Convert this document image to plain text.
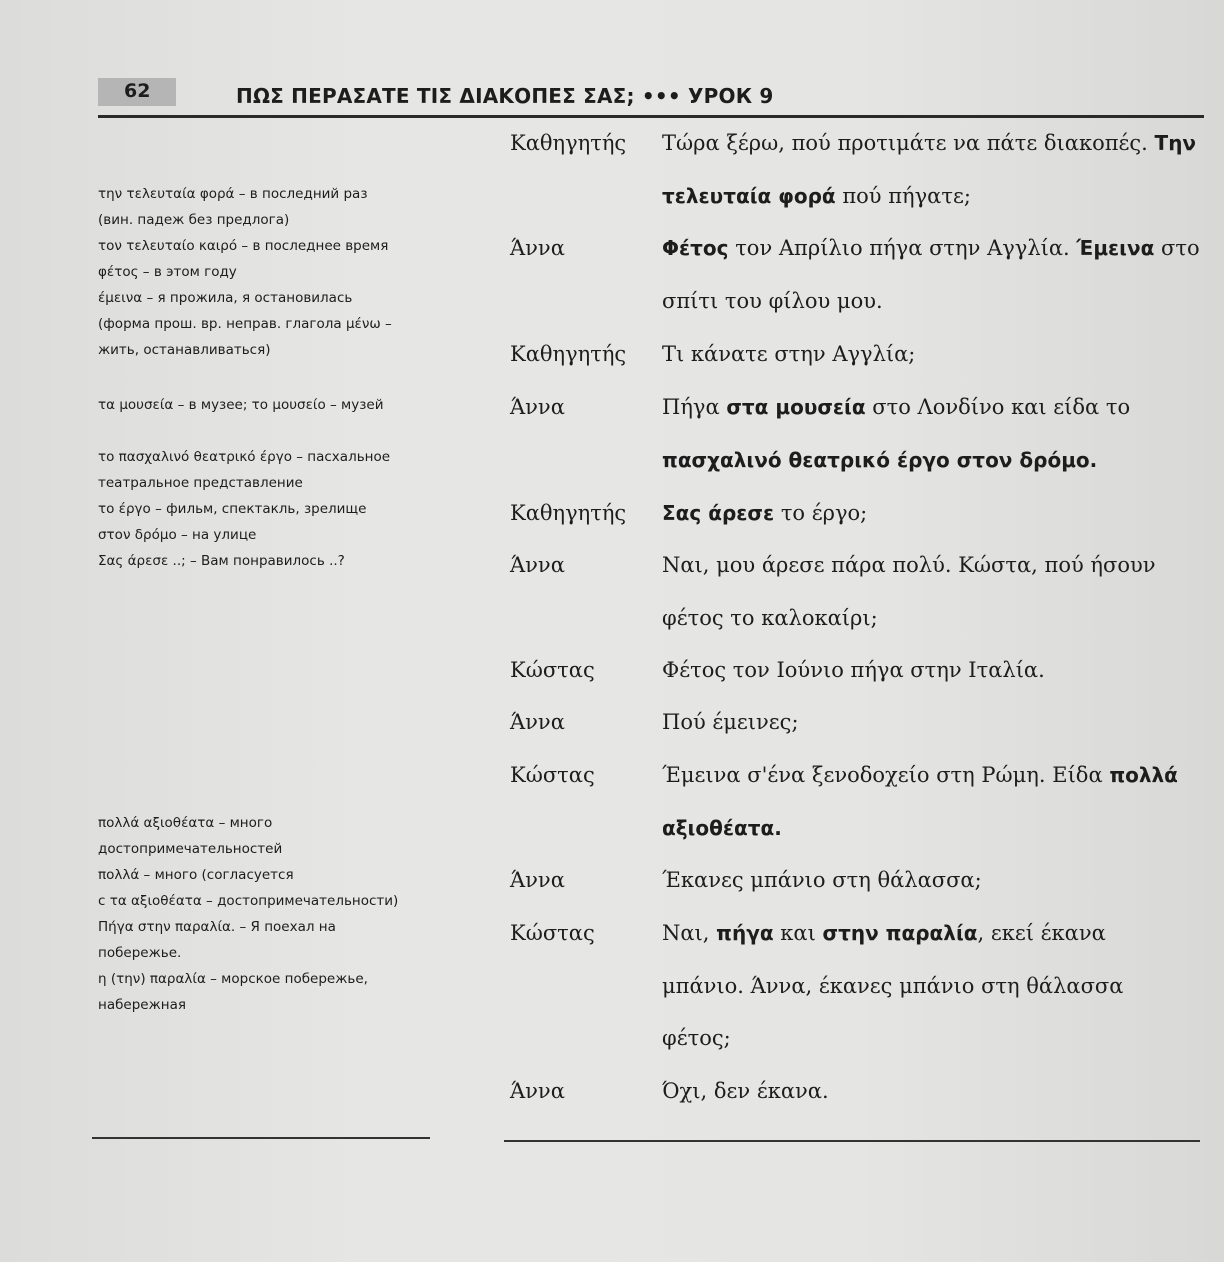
62	ΠΩΣ ΠΕΡΑΣΑΤΕ ΤΙΣ ΔΙΑΚΟΠΕΣ ΣΑΣ; ••• УРОК 9
την τελευταία φορά – в последний раз
(вин. падеж без предлога)
τον τελευταίο καιρό – в последнее время
φέτος – в этом году
έμεινα – я прожила, я остановилась
(форма прош. вр. неправ. глагола μένω –
жить, останавливаться)
τα μουσεία – в музее; το μουσείο – музей
το πασχαλινό θεατρικό έργο – пасхальное
театральное представление
το έργο – фильм, спектакль, зрелище
στον δρόμο – на улице
Σας άρεσε ..; – Вам понравилось ..?
πολλά αξιοθέατα – много
достопримечательностей
πολλά – много (согласуется
с τα αξιοθέατα – достопримечательности)
Πήγα στην παραλία. – Я поехал на
побережье.
η (την) παραλία – морское побережье,
набережная
Καθηγητής
Άννα
Καθηγητής
Άννα
Καθηγητής
Άννα
Κώστας
Άννα
Κώστας
Άννα
Κώστας
Άννα
Τώρα ξέρω, πού προτιμάτε να πάτε διακοπές. Την
τελευταία φορά πού πήγατε;
Φέτος τον Απρίλιο πήγα στην Αγγλία. Έμεινα στο
σπίτι του φίλου μου.
Τι κάνατε στην Αγγλία;
Πήγα στα μουσεία στο Λονδίνο και είδα το
πασχαλινό θεατρικό έργο στον δρόμο.
Σας άρεσε το έργο;
Ναι, μου άρεσε πάρα πολύ. Κώστα, πού ήσουν
φέτος το καλοκαίρι;
Φέτος τον Ιούνιο πήγα στην Ιταλία.
Πού έμεινες;
Έμεινα σ'ένα ξενοδοχείο στη Ρώμη. Είδα πολλά
αξιοθέατα.
Έκανες μπάνιο στη θάλασσα;
Ναι, πήγα και στην παραλία, εκεί έκανα
μπάνιο. Άννα, έκανες μπάνιο στη θάλασσα
φέτος;
Όχι, δεν έκανα.
